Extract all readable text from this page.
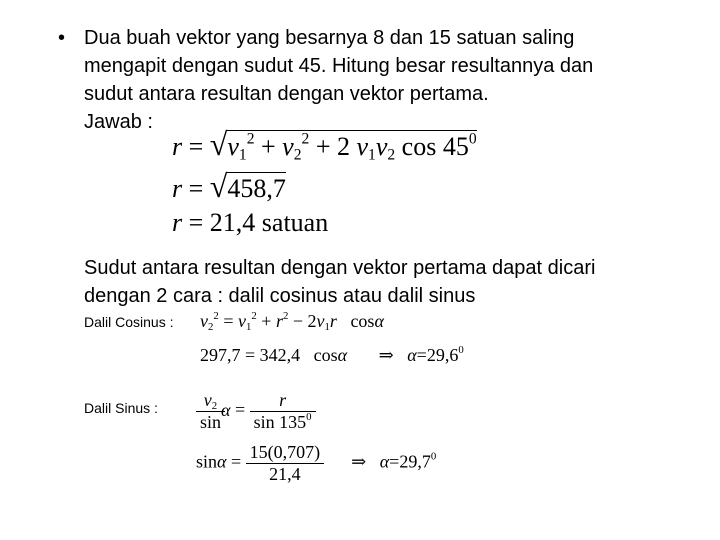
• Dua buah vektor yang besarnya 8 dan 15 satuan saling
mengapit dengan sudut 45. Hitung besar resultannya dan
sudut antara resultan dengan vektor pertama.
Jawab :
$r = √v_1^2 + v_2^2 + 2$ $v_1v_2$ $\cos 45^0$
r = √458,7
r = 21,4 satuan
Sudut antara resultan dengan vektor pertama dapat dicari
dengan 2 cara : dalil cosinus atau dalil sinus
Dalil Cosinus : $v_2^2 = v_1^2 + r^2 - 2v_1r$ cosα
297,7 = 342,4 cosα ⇒ $\alpha=29,6^0$
Dalil Sinus : $\frac{v_2}{\sin}$
$\alpha = \frac{r}{\sin 135^0}$
$\sin\alpha = \frac{15(0,707)}{21,4}$ ⇒ $\alpha=29,7^0$
